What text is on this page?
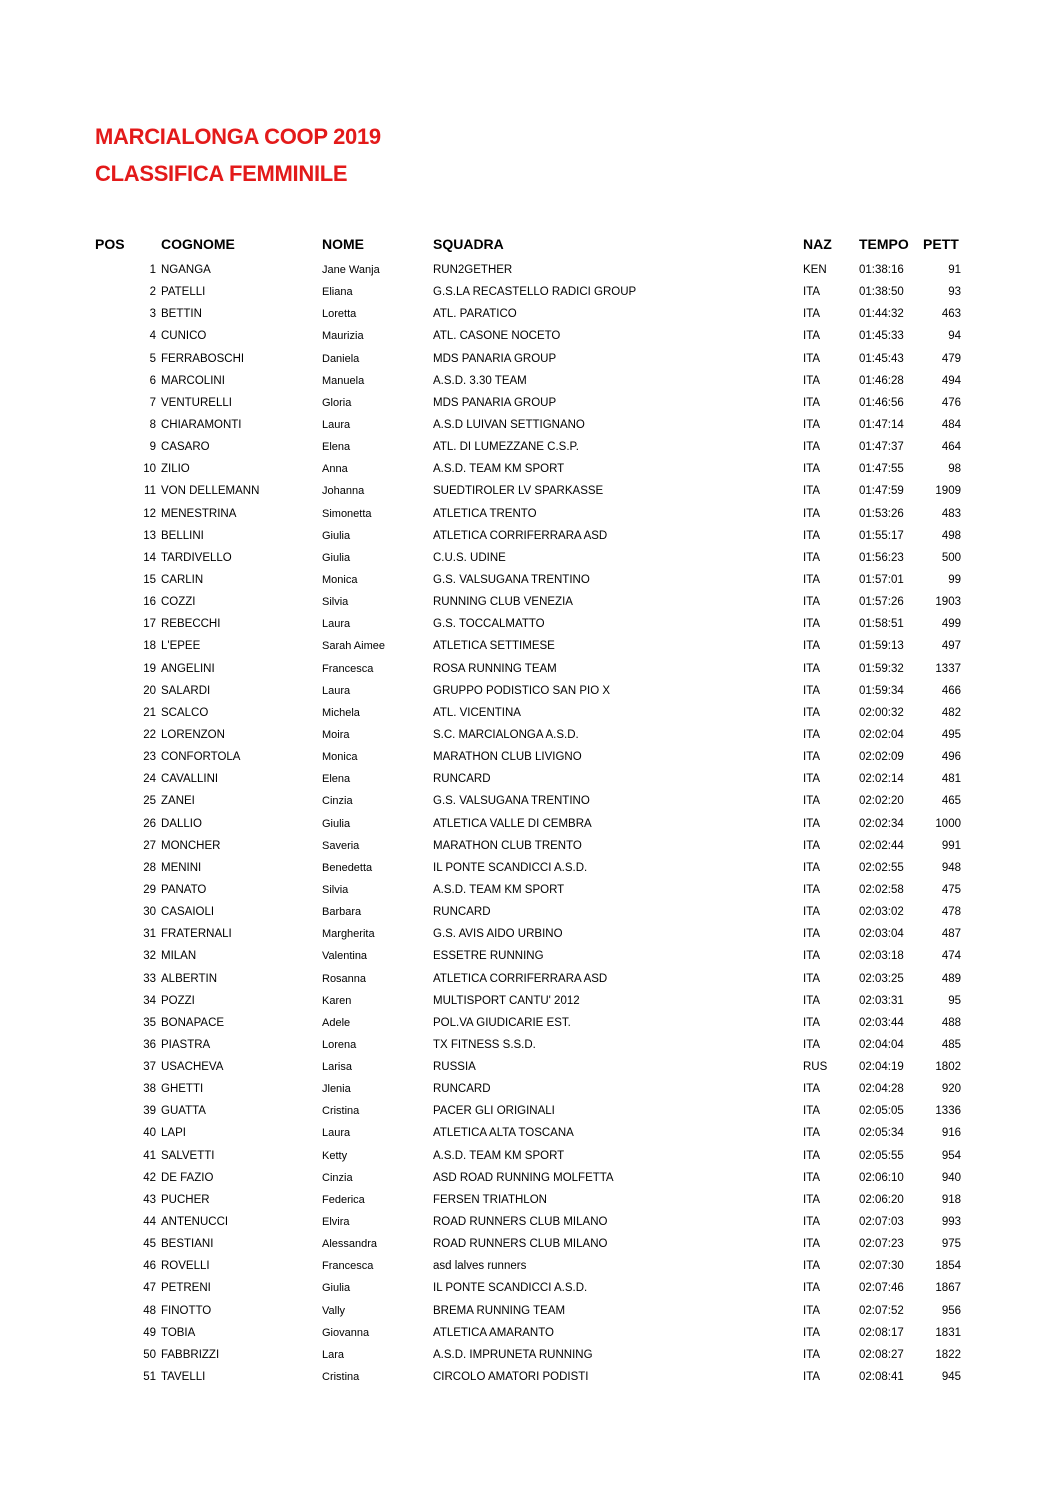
MARCIALONGA COOP 2019
CLASSIFICA FEMMINILE
POS	COGNOME	NOME	SQUADRA	NAZ TEMPO PETT
1 NGANGA	Jane Wanja	RUN2GETHER	KEN	01:38:16	91
2 PATELLI	Eliana	G.S.LA RECASTELLO RADICI GROUP	ITA	01:38:50	93
3 BETTIN	Loretta	ATL. PARATICO	ITA	01:44:32	463
4 CUNICO	Maurizia	ATL. CASONE NOCETO	ITA	01:45:33	94
5 FERRABOSCHI	Daniela	MDS PANARIA GROUP	ITA	01:45:43	479
6 MARCOLINI	Manuela	A.S.D. 3.30 TEAM	ITA	01:46:28	494
7 VENTURELLI	Gloria	MDS PANARIA GROUP	ITA	01:46:56	476
8 CHIARAMONTI	Laura	A.S.D LUIVAN SETTIGNANO	ITA	01:47:14	484
9 CASARO	Elena	ATL. DI LUMEZZANE C.S.P.	ITA	01:47:37	464
10 ZILIO	Anna	A.S.D. TEAM KM SPORT	ITA	01:47:55	98
11 VON DELLEMANN	Johanna	SUEDTIROLER LV SPARKASSE	ITA	01:47:59	1909
12 MENESTRINA	Simonetta	ATLETICA TRENTO	ITA	01:53:26	483
13 BELLINI	Giulia	ATLETICA CORRIFERRARA ASD	ITA	01:55:17	498
14 TARDIVELLO	Giulia	C.U.S. UDINE	ITA	01:56:23	500
15 CARLIN	Monica	G.S. VALSUGANA TRENTINO	ITA	01:57:01	99
16 COZZI	Silvia	RUNNING CLUB VENEZIA	ITA	01:57:26	1903
17 REBECCHI	Laura	G.S. TOCCALMATTO	ITA	01:58:51	499
18 L'EPEE	Sarah Aimee	ATLETICA SETTIMESE	ITA	01:59:13	497
19 ANGELINI	Francesca	ROSA RUNNING TEAM	ITA	01:59:32	1337
20 SALARDI	Laura	GRUPPO PODISTICO SAN PIO X	ITA	01:59:34	466
21 SCALCO	Michela	ATL. VICENTINA	ITA	02:00:32	482
22 LORENZON	Moira	S.C. MARCIALONGA A.S.D.	ITA	02:02:04	495
23 CONFORTOLA	Monica	MARATHON CLUB LIVIGNO	ITA	02:02:09	496
24 CAVALLINI	Elena	RUNCARD	ITA	02:02:14	481
25 ZANEI	Cinzia	G.S. VALSUGANA TRENTINO	ITA	02:02:20	465
26 DALLIO	Giulia	ATLETICA VALLE DI CEMBRA	ITA	02:02:34	1000
27 MONCHER	Saveria	MARATHON CLUB TRENTO	ITA	02:02:44	991
28 MENINI	Benedetta	IL PONTE SCANDICCI A.S.D.	ITA	02:02:55	948
29 PANATO	Silvia	A.S.D. TEAM KM SPORT	ITA	02:02:58	475
30 CASAIOLI	Barbara	RUNCARD	ITA	02:03:02	478
31 FRATERNALI	Margherita	G.S. AVIS AIDO URBINO	ITA	02:03:04	487
32 MILAN	Valentina	ESSETRE RUNNING	ITA	02:03:18	474
33 ALBERTIN	Rosanna	ATLETICA CORRIFERRARA ASD	ITA	02:03:25	489
34 POZZI	Karen	MULTISPORT CANTU' 2012	ITA	02:03:31	95
35 BONAPACE	Adele	POL.VA GIUDICARIE EST.	ITA	02:03:44	488
36 PIASTRA	Lorena	TX FITNESS S.S.D.	ITA	02:04:04	485
37 USACHEVA	Larisa	RUSSIA	RUS	02:04:19	1802
38 GHETTI	Jlenia	RUNCARD	ITA	02:04:28	920
39 GUATTA	Cristina	PACER GLI ORIGINALI	ITA	02:05:05	1336
40 LAPI	Laura	ATLETICA ALTA TOSCANA	ITA	02:05:34	916
41 SALVETTI	Ketty	A.S.D. TEAM KM SPORT	ITA	02:05:55	954
42 DE FAZIO	Cinzia	ASD ROAD RUNNING MOLFETTA	ITA	02:06:10	940
43 PUCHER	Federica	FERSEN TRIATHLON	ITA	02:06:20	918
44 ANTENUCCI	Elvira	ROAD RUNNERS CLUB MILANO	ITA	02:07:03	993
45 BESTIANI	Alessandra	ROAD RUNNERS CLUB MILANO	ITA	02:07:23	975
46 ROVELLI	Francesca	asd lalves runners	ITA	02:07:30	1854
47 PETRENI	Giulia	IL PONTE SCANDICCI A.S.D.	ITA	02:07:46	1867
48 FINOTTO	Vally	BREMA RUNNING TEAM	ITA	02:07:52	956
49 TOBIA	Giovanna	ATLETICA AMARANTO	ITA	02:08:17	1831
50 FABBRIZZI	Lara	A.S.D. IMPRUNETA RUNNING	ITA	02:08:27	1822
51 TAVELLI	Cristina	CIRCOLO AMATORI PODISTI	ITA	02:08:41	945
